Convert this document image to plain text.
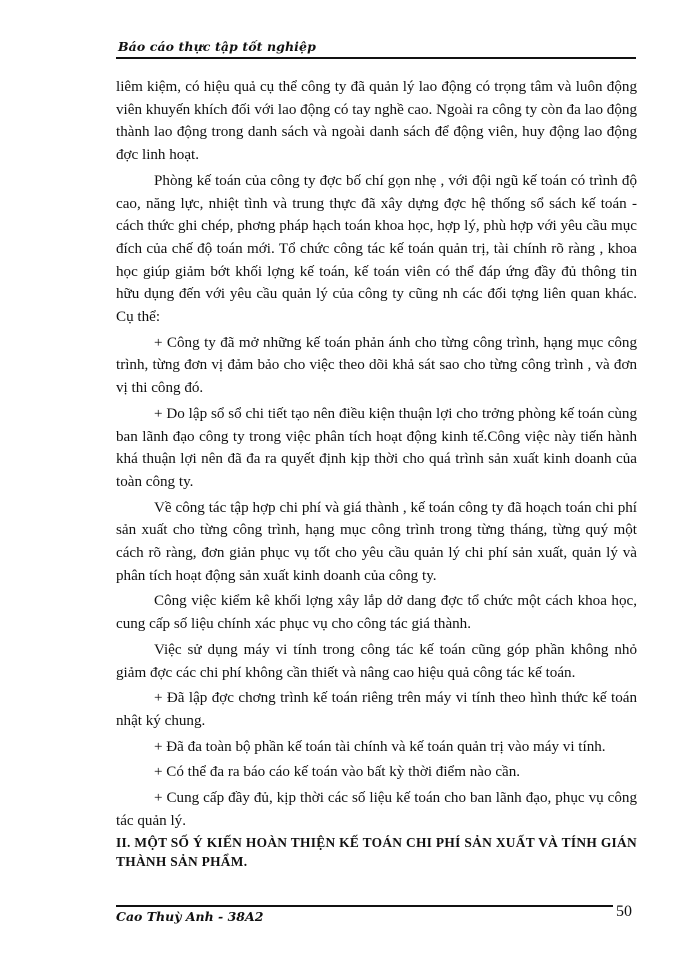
Báo cáo thực tập tốt nghiệp

liêm kiệm, có hiệu quả cụ thể công ty đã quản lý lao động có trọng tâm và luôn động viên khuyến khích đối với lao động có tay nghề cao. Ngoài ra công ty còn đa lao động thành lao động trong danh sách và ngoài danh sách để động viên, huy động lao động đợc linh hoạt.

Phòng kế toán của công ty đợc bố chí gọn nhẹ , với đội ngũ kế toán có trình độ cao, năng lực, nhiệt tình và trung thực đã xây dựng đợc hệ thống sổ sách kế toán - cách thức ghi chép, phơng pháp hạch toán khoa học, hợp lý, phù hợp với yêu cầu mục đích của chế độ toán mới. Tổ chức công tác kế toán quản trị, tài chính rõ ràng , khoa học giúp giảm bớt khối lợng kế toán, kế toán viên có thể đáp ứng đầy đủ thông tin hữu dụng đến với yêu cầu quản lý của công ty cũng nh các đối tợng liên quan khác. Cụ thể:

+ Công ty đã mở những kế toán phản ánh cho từng công trình, hạng mục công trình, từng đơn vị đảm bảo cho việc theo dõi khả sát sao cho từng công trình , và đơn vị thi công đó.

+ Do lập sổ sổ chi tiết tạo nên điều kiện thuận lợi cho trởng phòng kế toán cùng ban lãnh đạo công ty trong việc phân tích hoạt động kinh tế.Công việc này tiến hành khá thuận lợi nên đã đa ra quyết định kịp thời cho quá trình sản xuất kinh doanh của toàn công ty.

Về công tác tập hợp chi phí và giá thành , kế toán công ty đã hoạch toán chi phí sản xuất cho từng công trình, hạng mục công trình trong từng tháng, từng quý một cách rõ ràng, đơn giản phục vụ tốt cho yêu cầu quản lý chi phí sản xuất, quản lý và phân tích hoạt động sản xuất kinh doanh của công ty.

Công việc kiểm kê khối lợng xây lắp dở dang đợc tổ chức một cách khoa học, cung cấp số liệu chính xác phục vụ cho công tác giá thành.

Việc sử dụng máy vi tính trong công tác kế toán cũng góp phần không nhỏ giảm đợc các chi phí không cần thiết và nâng cao hiệu quả công tác kế toán.

+ Đã lập đợc chơng trình kế toán riêng trên máy vi tính theo hình thức kế toán nhật ký chung.

+ Đã đa toàn bộ phần kế toán tài chính và kế toán quản trị vào máy vi tính.

+ Có thể đa ra báo cáo kế toán vào bất kỳ thời điểm nào cần.

+ Cung cấp đầy đủ, kịp thời các số liệu kế toán cho ban lãnh đạo, phục vụ công tác quản lý.

II. MỘT SỐ Ý KIẾN HOÀN THIỆN KẾ TOÁN CHI PHÍ SẢN XUẤT VÀ TÍNH GIÁN THÀNH SẢN PHẨM.

Cao Thuỳ Anh - 38A2	50
